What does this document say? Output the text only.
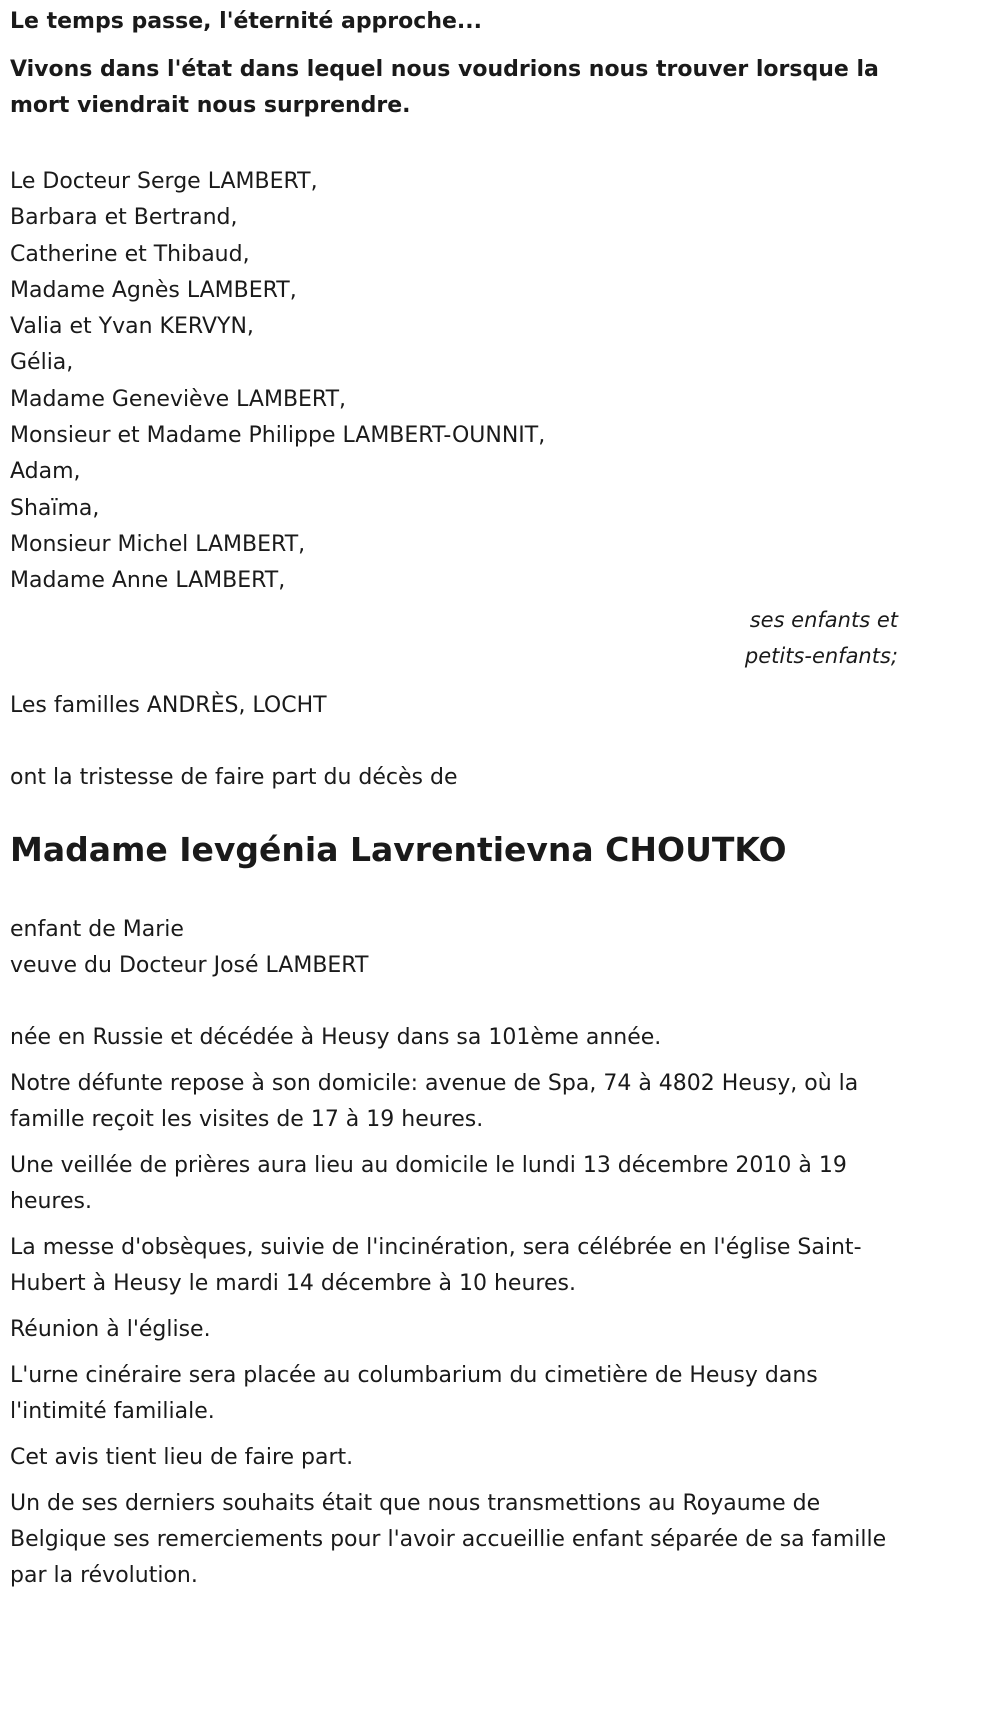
Le temps passe, l'éternité approche...

Vivons dans l'état dans lequel nous voudrions nous trouver lorsque la mort viendrait nous surprendre.

Le Docteur Serge LAMBERT,
Barbara et Bertrand,
Catherine et Thibaud,
Madame Agnès LAMBERT,
Valia et Yvan KERVYN,
Gélia,
Madame Geneviève LAMBERT,
Monsieur et Madame Philippe LAMBERT-OUNNIT,
Adam,
Shaïma,
Monsieur Michel LAMBERT,
Madame Anne LAMBERT,
ses enfants et
petits-enfants;
Les familles ANDRÈS, LOCHT
ont la tristesse de faire part du décès de
Madame Ievgénia Lavrentievna CHOUTKO
enfant de Marie
veuve du Docteur José LAMBERT

née en Russie et décédée à Heusy dans sa 101ème année.

Notre défunte repose à son domicile: avenue de Spa, 74 à 4802 Heusy, où la famille reçoit les visites de 17 à 19 heures.

Une veillée de prières aura lieu au domicile le lundi 13 décembre 2010 à 19 heures.

La messe d'obsèques, suivie de l'incinération, sera célébrée en l'église Saint-Hubert à Heusy le mardi 14 décembre à 10 heures.

Réunion à l'église.

L'urne cinéraire sera placée au columbarium du cimetière de Heusy dans l'intimité familiale.

Cet avis tient lieu de faire part.

Un de ses derniers souhaits était que nous transmettions au Royaume de Belgique ses remerciements pour l'avoir accueillie enfant séparée de sa famille par la révolution.
